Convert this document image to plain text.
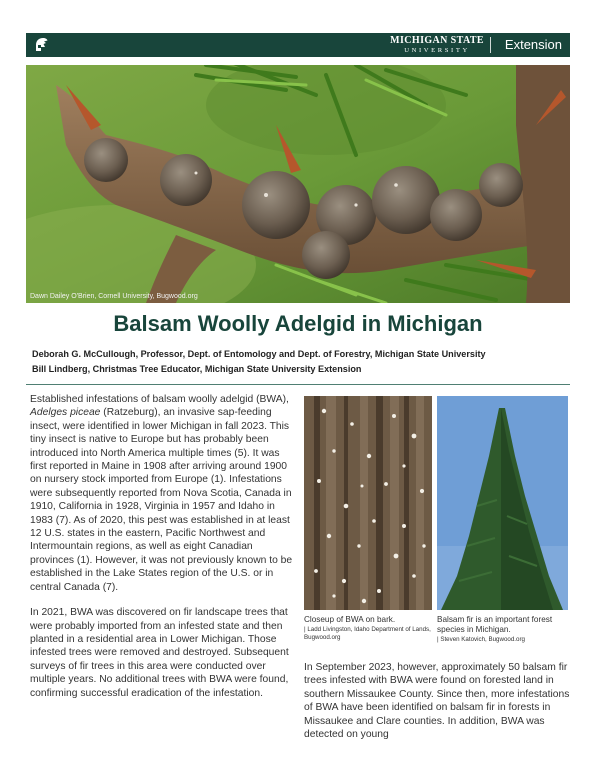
MICHIGAN STATE
UNIVERSITY	Extension
Dawn Dailey O'Brien, Cornell University, Bugwood.org
Balsam Woolly Adelgid in Michigan
Deborah G. McCullough, Professor, Dept. of Entomology and Dept. of Forestry, Michigan State University
Bill Lindberg, Christmas Tree Educator, Michigan State University Extension

Established infestations of balsam woolly adelgid (BWA), Adelges piceae (Ratzeburg), an invasive sap-feeding insect, were identified in lower Michigan in fall 2023. This tiny insect is native to Europe but has probably been introduced into North America multiple times (5). It was first reported in Maine in 1908 after arriving around 1900 on nursery stock imported from Europe (1). Infestations were subsequently reported from Nova Scotia, Canada in 1910, California in 1928, Virginia in 1957 and Idaho in 1983 (7). As of 2020, this pest was established in at least 12 U.S. states in the eastern, Pacific Northwest and Intermountain regions, as well as eight Canadian provinces (1). However, it was not previously known to be established in the Lake States region of the U.S. or in central Canada (7).

In 2021, BWA was discovered on fir landscape trees that were probably imported from an infested state and then planted in a residential area in Lower Michigan. Those infested trees were removed and destroyed. Subsequent surveys of fir trees in this area were conducted over multiple years. No additional trees with BWA were found, confirming successful eradication of the infestation.

Closeup of BWA on bark.
| Ladd Livingston, Idaho Department of Lands, Bugwood.org
Balsam fir is an important forest species in Michigan.
| Steven Katovich, Bugwood.org

In September 2023, however, approximately 50 balsam fir trees infested with BWA were found on forested land in southern Missaukee County. Since then, more infestations of BWA have been identified on balsam fir in forests in Missaukee and Clare counties. In addition, BWA was detected on young
